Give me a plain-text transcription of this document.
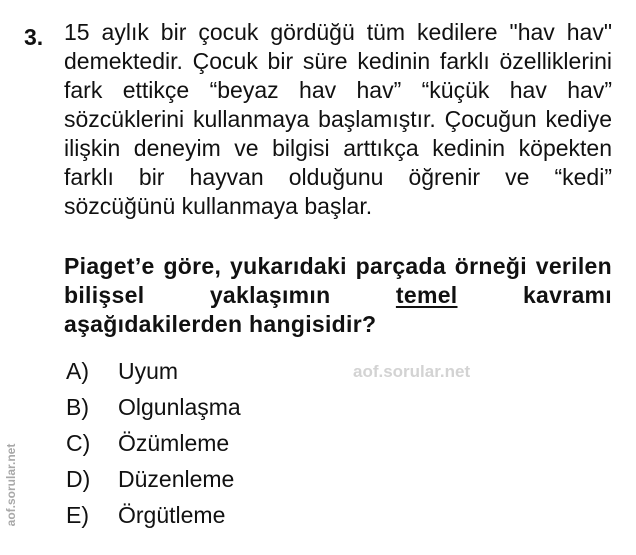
3. 15 aylık bir çocuk gördüğü tüm kedilere "hav hav" demektedir. Çocuk bir süre kedinin farklı özelliklerini fark ettikçe “beyaz hav hav” “küçük hav hav” sözcüklerini kullanmaya başlamıştır. Çocuğun kediye ilişkin deneyim ve bilgisi arttıkça kedinin köpekten farklı bir hayvan olduğunu öğrenir ve “kedi” sözcüğünü kullanmaya başlar.

Piaget’e göre, yukarıdaki parçada örneği verilen bilişsel yaklaşımın temel kavramı aşağıdakilerden hangisidir?

A)	Uyum
B)	Olgunlaşma
C)	Özümleme
D)	Düzenleme
E)	Örgütleme
aof.sorular.net
aof.sorular.net
